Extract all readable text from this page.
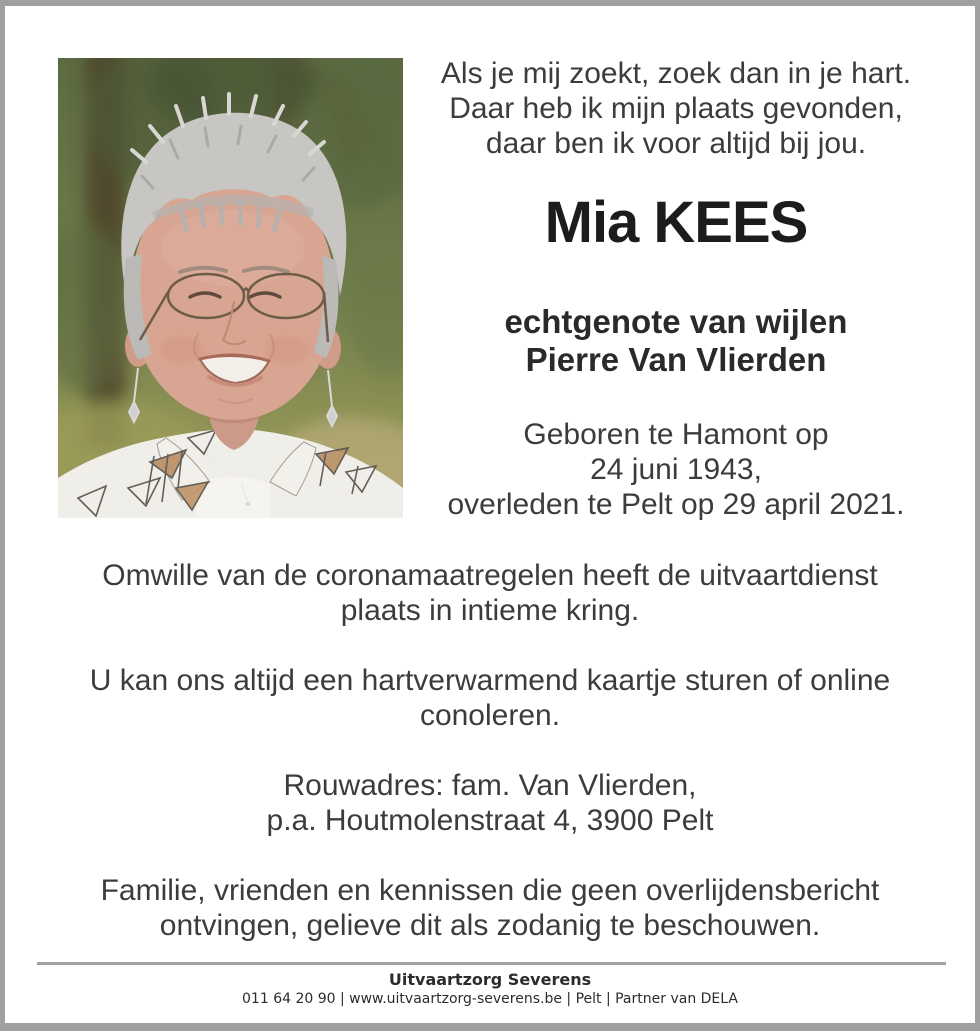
Als je mij zoekt, zoek dan in je hart.
Daar heb ik mijn plaats gevonden,
daar ben ik voor altijd bij jou.
Mia KEES
echtgenote van wijlen
Pierre Van Vlierden
Geboren te Hamont op
24 juni 1943,
overleden te Pelt op 29 april 2021.
Omwille van de coronamaatregelen heeft de uitvaartdienst
plaats in intieme kring.
U kan ons altijd een hartverwarmend kaartje sturen of online
conoleren.
Rouwadres: fam. Van Vlierden,
p.a. Houtmolenstraat 4, 3900 Pelt
Familie, vrienden en kennissen die geen overlijdensbericht
ontvingen, gelieve dit als zodanig te beschouwen.
Uitvaartzorg Severens
011 64 20 90 | www.uitvaartzorg-severens.be | Pelt | Partner van DELA
